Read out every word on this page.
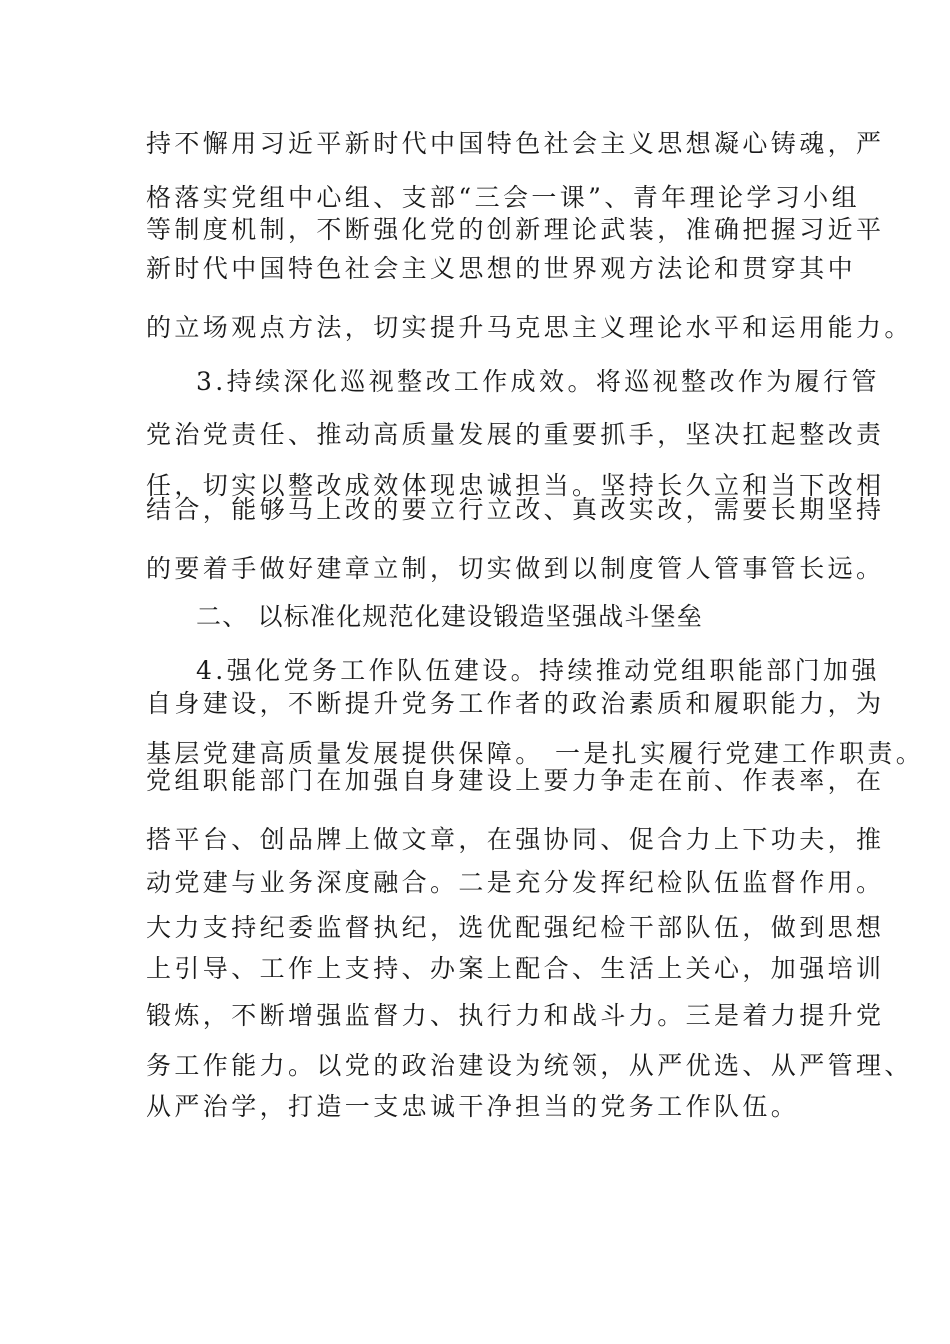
持不懈用习近平新时代中国特色社会主义思想凝心铸魂，严
格落实党组中心组、支部“三会一课”、青年理论学习小组
等制度机制，不断强化党的创新理论武装，准确把握习近平
新时代中国特色社会主义思想的世界观方法论和贯穿其中
的立场观点方法，切实提升马克思主义理论水平和运用能力。
3.持续深化巡视整改工作成效。将巡视整改作为履行管
党治党责任、推动高质量发展的重要抓手，坚决扛起整改责
任，切实以整改成效体现忠诚担当。坚持长久立和当下改相
结合，能够马上改的要立行立改、真改实改，需要长期坚持
的要着手做好建章立制，切实做到以制度管人管事管长远。
二、 以标准化规范化建设锻造坚强战斗堡垒
4.强化党务工作队伍建设。持续推动党组职能部门加强
自身建设，不断提升党务工作者的政治素质和履职能力，为
基层党建高质量发展提供保障。 一是扎实履行党建工作职责。
党组职能部门在加强自身建设上要力争走在前、作表率，在
搭平台、创品牌上做文章，在强协同、促合力上下功夫，推
动党建与业务深度融合。二是充分发挥纪检队伍监督作用。
大力支持纪委监督执纪，选优配强纪检干部队伍，做到思想
上引导、工作上支持、办案上配合、生活上关心，加强培训
锻炼，不断增强监督力、执行力和战斗力。三是着力提升党
务工作能力。以党的政治建设为统领，从严优选、从严管理、
从严治学，打造一支忠诚干净担当的党务工作队伍。
